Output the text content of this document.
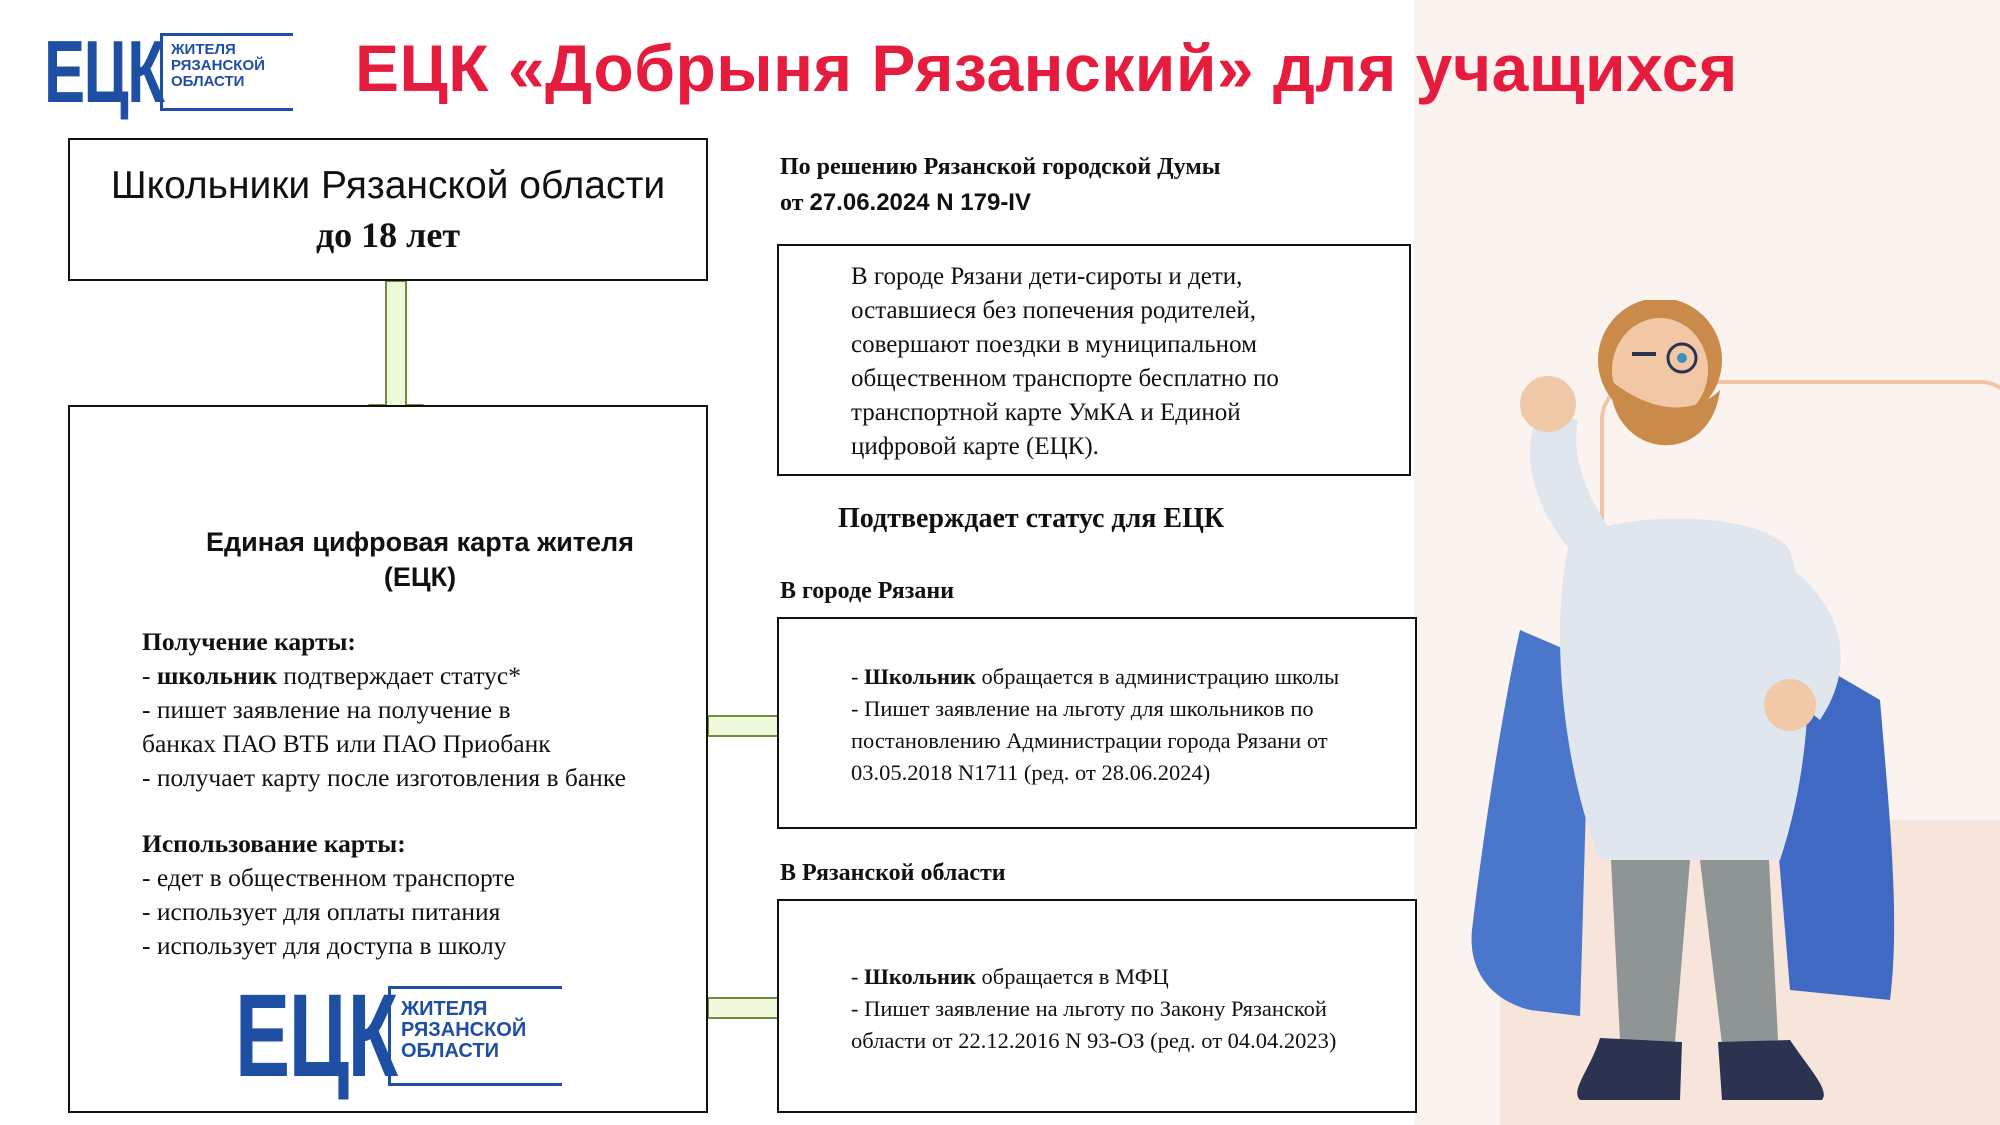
ЕЦК ЖИТЕЛЯ
РЯЗАНСКОЙ
ОБЛАСТИ	ЕЦК «Добрыня Рязанский» для учащихся
Школьники Рязанской области
до 18 лет
Единая цифровая карта жителя
(ЕЦК)
Получение карты:
- школьник подтверждает статус*
- пишет заявление на получение в
банках ПАО ВТБ или ПАО Приобанк
- получает карту после изготовления в банке
Использование карты:
- едет в общественном транспорте
- использует для оплаты питания
- использует для доступа в школу
ЕЦК ЖИТЕЛЯ
РЯЗАНСКОЙ
ОБЛАСТИ
По решению Рязанской городской Думы
от 27.06.2024 N 179-IV

В городе Рязани дети-сироты и дети,
оставшиеся без попечения родителей,
совершают поездки в муниципальном
общественном транспорте бесплатно по
транспортной карте УмКА и Единой
цифровой карте (ЕЦК).

Подтверждает статус для ЕЦК
В городе Рязани

- Школьник обращается в администрацию школы
- Пишет заявление на льготу для школьников по
постановлению Администрации города Рязани от
03.05.2018 N1711 (ред. от 28.06.2024)

В Рязанской области

- Школьник обращается в МФЦ
- Пишет заявление на льготу по Закону Рязанской
области от 22.12.2016 N 93-ОЗ (ред. от 04.04.2023)
